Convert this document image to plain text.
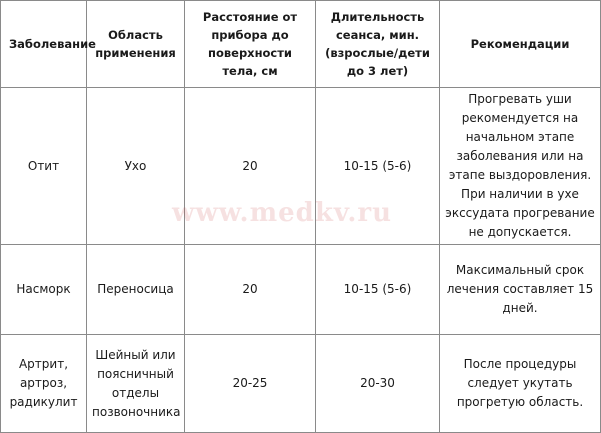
Заболевание	Область применения	Расстояние от прибора до поверхности тела, см	Длительность сеанса, мин. (взрослые/дети до 3 лет)	Рекомендации
Отит	Ухо	20	10-15 (5-6)	Прогревать уши рекомендуется на начальном этапе заболевания или на этапе выздоровления. При наличии в ухе экссудата прогревание не допускается.
Насморк	Переносица	20	10-15 (5-6)	Максимальный срок лечения составляет 15 дней.
Артрит, артроз, радикулит	Шейный или поясничный отделы позвоночника	20-25	20-30	После процедуры следует укутать прогретую область.
www.medkv.ru
